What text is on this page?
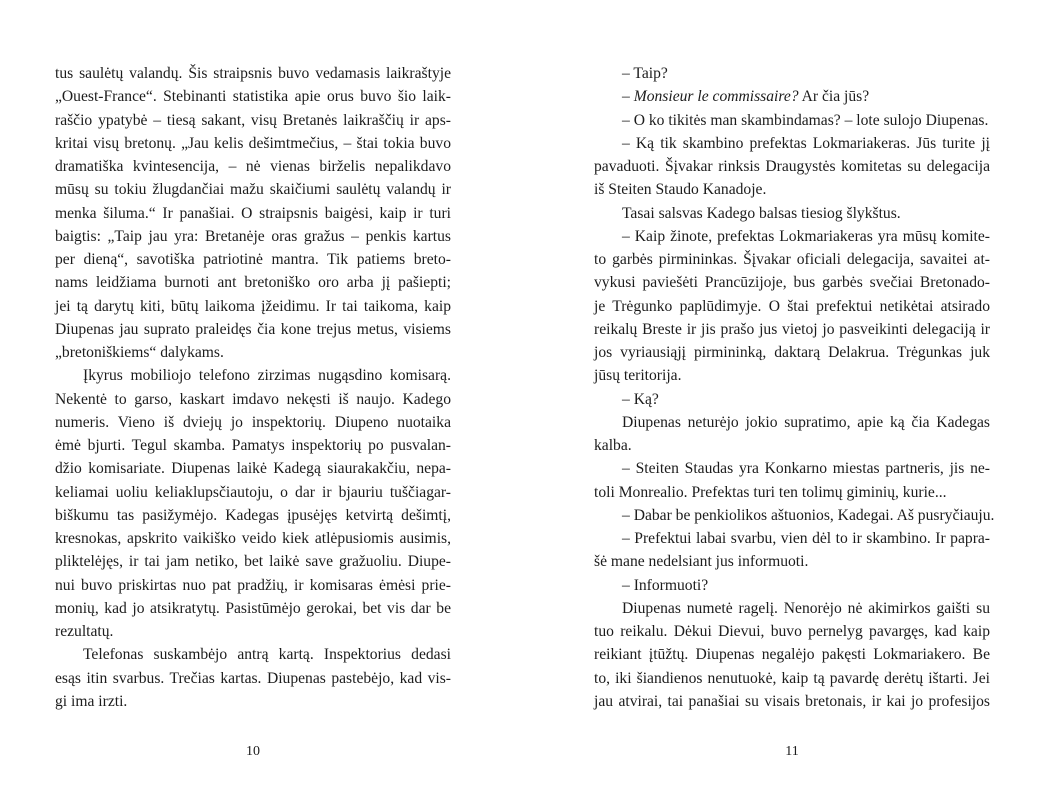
tus saulėtų valandų. Šis straipsnis buvo vedamasis laikraštyje
„Ouest-France“. Stebinanti statistika apie orus buvo šio laik-
raščio ypatybė – tiesą sakant, visų Bretanės laikraščių ir aps-
kritai visų bretonų. „Jau kelis dešimtmečius, – štai tokia buvo
dramatiška kvintesencija, – nė vienas birželis nepalikdavo
mūsų su tokiu žlugdančiai mažu skaičiumi saulėtų valandų ir
menka šiluma.“ Ir panašiai. O straipsnis baigėsi, kaip ir turi
baigtis: „Taip jau yra: Bretanėje oras gražus – penkis kartus
per dieną“, savotiška patriotinė mantra. Tik patiems breto-
nams leidžiama burnoti ant bretoniško oro arba jį pašiepti;
jei tą darytų kiti, būtų laikoma įžeidimu. Ir tai taikoma, kaip
Diupenas jau suprato praleidęs čia kone trejus metus, visiems
„bretoniškiems“ dalykams.
Įkyrus mobiliojo telefono zirzimas nugąsdino komisarą.
Nekentė to garso, kaskart imdavo nekęsti iš naujo. Kadego
numeris. Vieno iš dviejų jo inspektorių. Diupeno nuotaika
ėmė bjurti. Tegul skamba. Pamatys inspektorių po pusvalan-
džio komisariate. Diupenas laikė Kadegą siaurakakčiu, nepa-
keliamai uoliu keliaklupsčiautoju, o dar ir bjauriu tuščiagar-
biškumu tas pasižymėjo. Kadegas įpusėjęs ketvirtą dešimtį,
kresnokas, apskrito vaikiško veido kiek atlėpusiomis ausimis,
pliktelėjęs, ir tai jam netiko, bet laikė save gražuoliu. Diupe-
nui buvo priskirtas nuo pat pradžių, ir komisaras ėmėsi prie-
monių, kad jo atsikratytų. Pasistūmėjo gerokai, bet vis dar be
rezultatų.
Telefonas suskambėjo antrą kartą. Inspektorius dedasi
esąs itin svarbus. Trečias kartas. Diupenas pastebėjo, kad vis-
gi ima irzti.
– Taip?
– Monsieur le commissaire? Ar čia jūs?
– O ko tikitės man skambindamas? – lote sulojo Diupenas.
– Ką tik skambino prefektas Lokmariakeras. Jūs turite jį
pavaduoti. Šįvakar rinksis Draugystės komitetas su delegacija
iš Steiten Staudo Kanadoje.
Tasai salsvas Kadego balsas tiesiog šlykštus.
– Kaip žinote, prefektas Lokmariakeras yra mūsų komite-
to garbės pirmininkas. Šįvakar oficiali delegacija, savaitei at-
vykusi paviešėti Prancūzijoje, bus garbės svečiai Bretonado-
je Trėgunko paplūdimyje. O štai prefektui netikėtai atsirado
reikalų Breste ir jis prašo jus vietoj jo pasveikinti delegaciją ir
jos vyriausiąjį pirmininką, daktarą Delakrua. Trėgunkas juk
jūsų teritorija.
– Ką?
Diupenas neturėjo jokio supratimo, apie ką čia Kadegas
kalba.
– Steiten Staudas yra Konkarno miestas partneris, jis ne-
toli Monrealio. Prefektas turi ten tolimų giminių, kurie...
– Dabar be penkiolikos aštuonios, Kadegai. Aš pusryčiauju.
– Prefektui labai svarbu, vien dėl to ir skambino. Ir papra-
šė mane nedelsiant jus informuoti.
– Informuoti?
Diupenas numetė ragelį. Nenorėjo nė akimirkos gaišti su
tuo reikalu. Dėkui Dievui, buvo pernelyg pavargęs, kad kaip
reikiant įtūžtų. Diupenas negalėjo pakęsti Lokmariakero. Be
to, iki šiandienos nenutuokė, kaip tą pavardę derėtų ištarti. Jei
jau atvirai, tai panašiai su visais bretonais, ir kai jo profesijos
10	11
